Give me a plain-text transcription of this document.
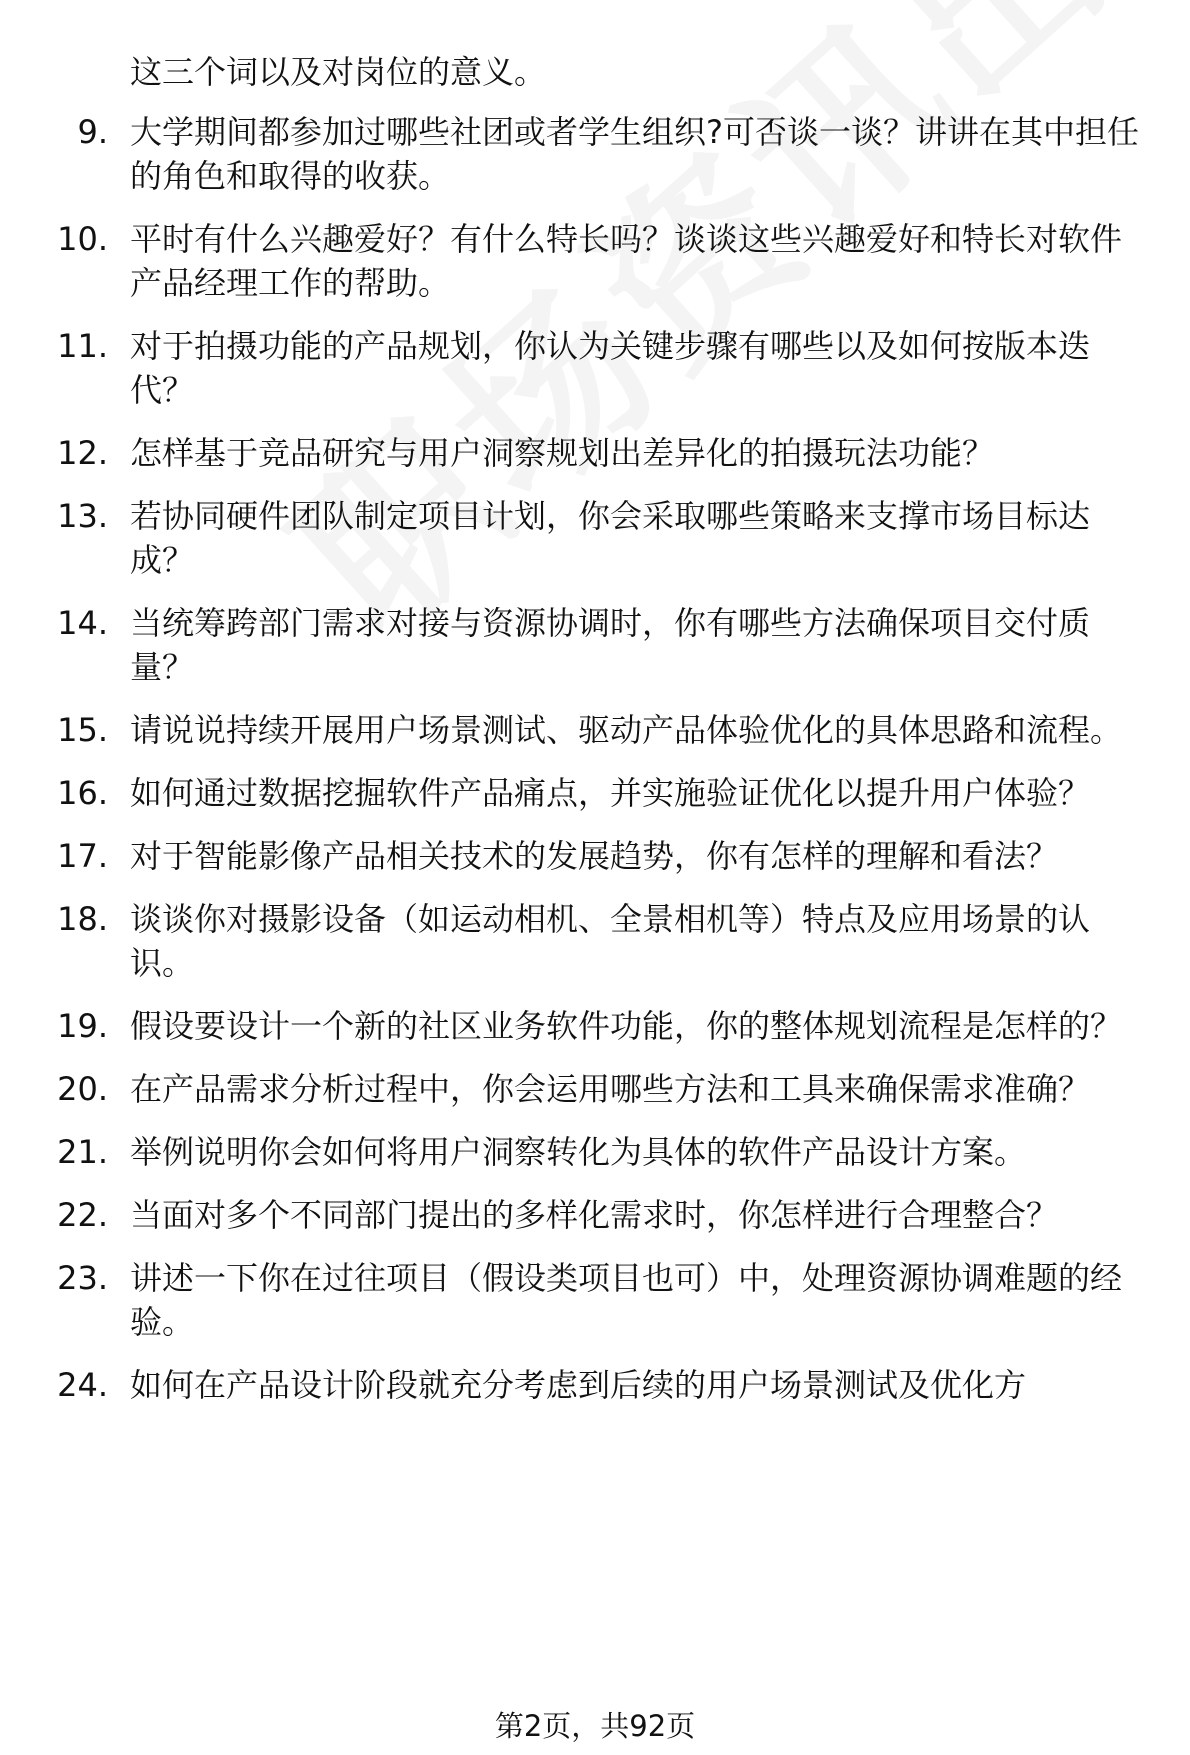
这三个词以及对岗位的意义。
9. 大学期间都参加过哪些社团或者学生组织?可否谈一谈？讲讲在其中担任的角色和取得的收获。
10. 平时有什么兴趣爱好？有什么特长吗？谈谈这些兴趣爱好和特长对软件产品经理工作的帮助。
11. 对于拍摄功能的产品规划，你认为关键步骤有哪些以及如何按版本迭代？
12. 怎样基于竞品研究与用户洞察规划出差异化的拍摄玩法功能？
13. 若协同硬件团队制定项目计划，你会采取哪些策略来支撑市场目标达成？
14. 当统筹跨部门需求对接与资源协调时，你有哪些方法确保项目交付质量？
15. 请说说持续开展用户场景测试、驱动产品体验优化的具体思路和流程。
16. 如何通过数据挖掘软件产品痛点，并实施验证优化以提升用户体验？
17. 对于智能影像产品相关技术的发展趋势，你有怎样的理解和看法？
18. 谈谈你对摄影设备（如运动相机、全景相机等）特点及应用场景的认识。
19. 假设要设计一个新的社区业务软件功能，你的整体规划流程是怎样的？
20. 在产品需求分析过程中，你会运用哪些方法和工具来确保需求准确？
21. 举例说明你会如何将用户洞察转化为具体的软件产品设计方案。
22. 当面对多个不同部门提出的多样化需求时，你怎样进行合理整合？
23. 讲述一下你在过往项目（假设类项目也可）中，处理资源协调难题的经验。
24. 如何在产品设计阶段就充分考虑到后续的用户场景测试及优化方
第2页，共92页
